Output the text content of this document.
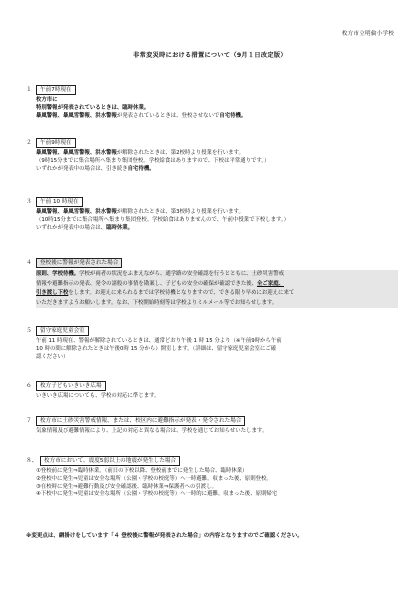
枚方市立明倫小学校
非常変災時における措置について（9月１日改定版）
１	午前7時現在
枚方市に
特別警報が発表されているときは、臨時休業。
暴風警報、暴風雪警報、洪水警報が発表されているときは、登校させないで自宅待機。
２	午前9時現在
暴風警報、暴風雪警報、洪水警報が解除されたときは、第2校時より授業を行います。
（9時15分までに集合場所へ集まり集団登校。学校給食はありますので、下校は平常通りです。）
いずれかが発表中の場合は、引き続き自宅待機。
３	午前 10 時現在
暴風警報、暴風雪警報、洪水警報が解除されたときは、第3校時より授業を行います。
（10時15分までに集合場所へ集まり集団登校。学校給食はありませんので、午前中授業で下校します。）
いずれかが発表中の場合は、臨時休業。
４	登校後に警報が発表された場合
原則、学校待機。学校が両者の状況をふまえながら、通学路の安全確認を行うとともに、土砂災害警戒
情報や避難指示の発表、発令の諸般の事情を勘案し、子どもの安全の確保が確認できた後、全ご家庭、
引き渡し下校をします。お迎えに来られるまでは学校待機となりますので、できる限り早めにお迎えに来て
いただきますようお願いします。なお、下校開始時刻等は学校よりミルメール等でお知らせします。
５	留守家庭児童会室
午前 11 時現在、警報が解除されているときは、通常どおり午後 1 時 15 分より（※午前9時から午前
10 時の間に解除されたときは午後0時 15 分から）開室します。（詳細は、留守家庭児童会室にご確
認ください）
６	枚方子どもいきいき広場
いきいき広場についても、学校の対応に準じます。
７	枚方市に土砂災害警戒情報、または、校区内に避難指示が発表・発令された場合
気象情報及び避難情報により、上記の対応と異なる場合は、学校を通じてお知らせいたします。
８、	枚方市において、震度5弱以上の地震が発生した場合
①登校前に発生⇒臨時休業。（前日の下校以降、登校前までに発生した場合、臨時休業）
②登校中に発生⇒児童は安全な場所（公園・学校の校庭等）へ一時避難。収まった後、原則登校。
③在校時に発生⇒避難行動及び安全確認後、臨時休業⇒保護者への引渡し。
④下校中に発生⇒児童は安全な場所（公園・学校の校庭等）へ一時的に避難。収まった後、原則帰宅
※変更点は、網掛けをしています「４ 登校後に警報が発表された場合」の内容となりますのでご確認ください。
